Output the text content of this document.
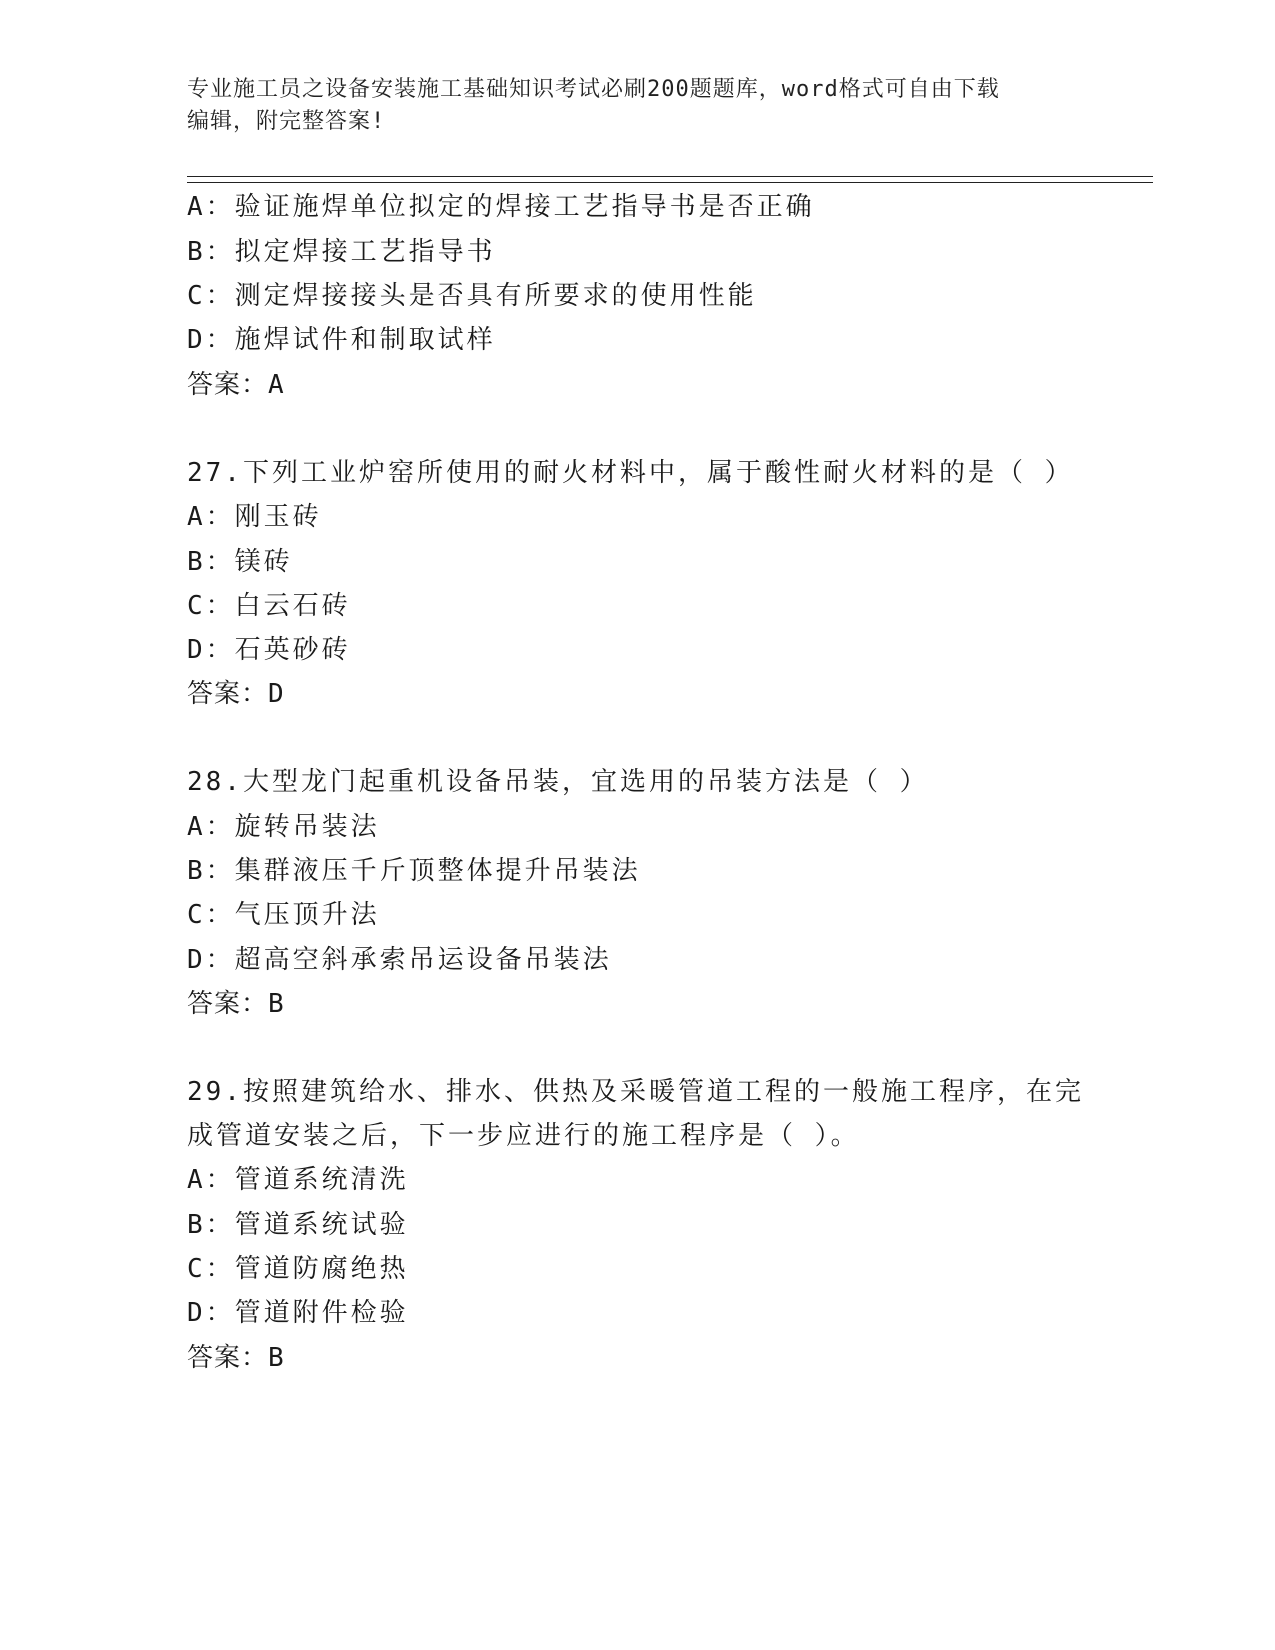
专业施工员之设备安装施工基础知识考试必刷200题题库，word格式可自由下载
编辑，附完整答案!
A：验证施焊单位拟定的焊接工艺指导书是否正确
B：拟定焊接工艺指导书
C：测定焊接接头是否具有所要求的使用性能
D：施焊试件和制取试样
答案：A
27.下列工业炉窑所使用的耐火材料中，属于酸性耐火材料的是（ ）
A：刚玉砖
B：镁砖
C：白云石砖
D：石英砂砖
答案：D
28.大型龙门起重机设备吊装，宜选用的吊装方法是（ ）
A：旋转吊装法
B：集群液压千斤顶整体提升吊装法
C：气压顶升法
D：超高空斜承索吊运设备吊装法
答案：B
29.按照建筑给水、排水、供热及采暖管道工程的一般施工程序，在完
成管道安装之后，下一步应进行的施工程序是（ ）。
A：管道系统清洗
B：管道系统试验
C：管道防腐绝热
D：管道附件检验
答案：B
